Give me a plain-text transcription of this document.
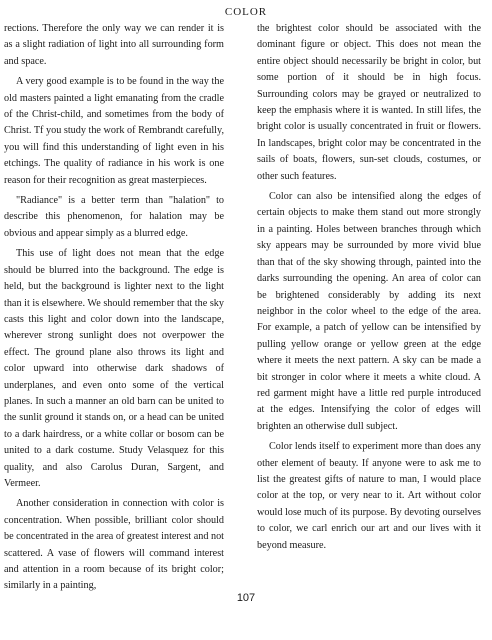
COLOR

rections. Therefore the only way we can render it is as a slight radiation of light into all surrounding form and space.

A very good example is to be found in the way the old masters painted a light emanating from the cradle of the Christ-child, and sometimes from the body of Christ. Tf you study the work of Rembrandt carefully, you will find this understanding of light even in his etchings. The quality of radiance in his work is one reason for their recognition as great masterpieces.

"Radiance" is a better term than "halation" to describe this phenomenon, for halation may be obvious and appear simply as a blurred edge.

This use of light does not mean that the edge should be blurred into the background. The edge is held, but the background is lighter next to the light than it is elsewhere. We should remember that the sky casts this light and color down into the landscape, wherever strong sunlight does not overpower the effect. The ground plane also throws its light and color upward into otherwise dark shadows of underplanes, and even onto some of the vertical planes. In such a manner an old barn can be united to the sunlit ground it stands on, or a head can be united to a dark hairdress, or a white collar or bosom can be united to a dark costume. Study Velasquez for this quality, and also Carolus Duran, Sargent, and Vermeer.

Another consideration in connection with color is concentration. When possible, brilliant color should be concentrated in the area of greatest interest and not scattered. A vase of flowers will command interest and attention in a room because of its bright color; similarly in a painting,

the brightest color should be associated with the dominant figure or object. This does not mean the entire object should necessarily be bright in color, but some portion of it should be in high focus. Surrounding colors may be grayed or neutralized to keep the emphasis where it is wanted. In still lifes, the bright color is usually concentrated in fruit or flowers. In landscapes, bright color may be concentrated in the sails of boats, flowers, sun-set clouds, costumes, or other such features.

Color can also be intensified along the edges of certain objects to make them stand out more strongly in a painting. Holes between branches through which sky appears may be surrounded by more vivid blue than that of the sky showing through, painted into the darks surrounding the opening. An area of color can be brightened considerably by adding its next neighbor in the color wheel to the edge of the area. For example, a patch of yellow can be intensified by pulling yellow orange or yellow green at the edge where it meets the next pattern. A sky can be made a bit stronger in color where it meets a white cloud. A red garment might have a little red purple introduced at the edges. Intensifying the color of edges will brighten an otherwise dull subject.

Color lends itself to experiment more than does any other element of beauty. If anyone were to ask me to list the greatest gifts of nature to man, I would place color at the top, or very near to it. Art without color would lose much of its purpose. By devoting ourselves to color, we carl enrich our art and our lives with it beyond measure.

107
